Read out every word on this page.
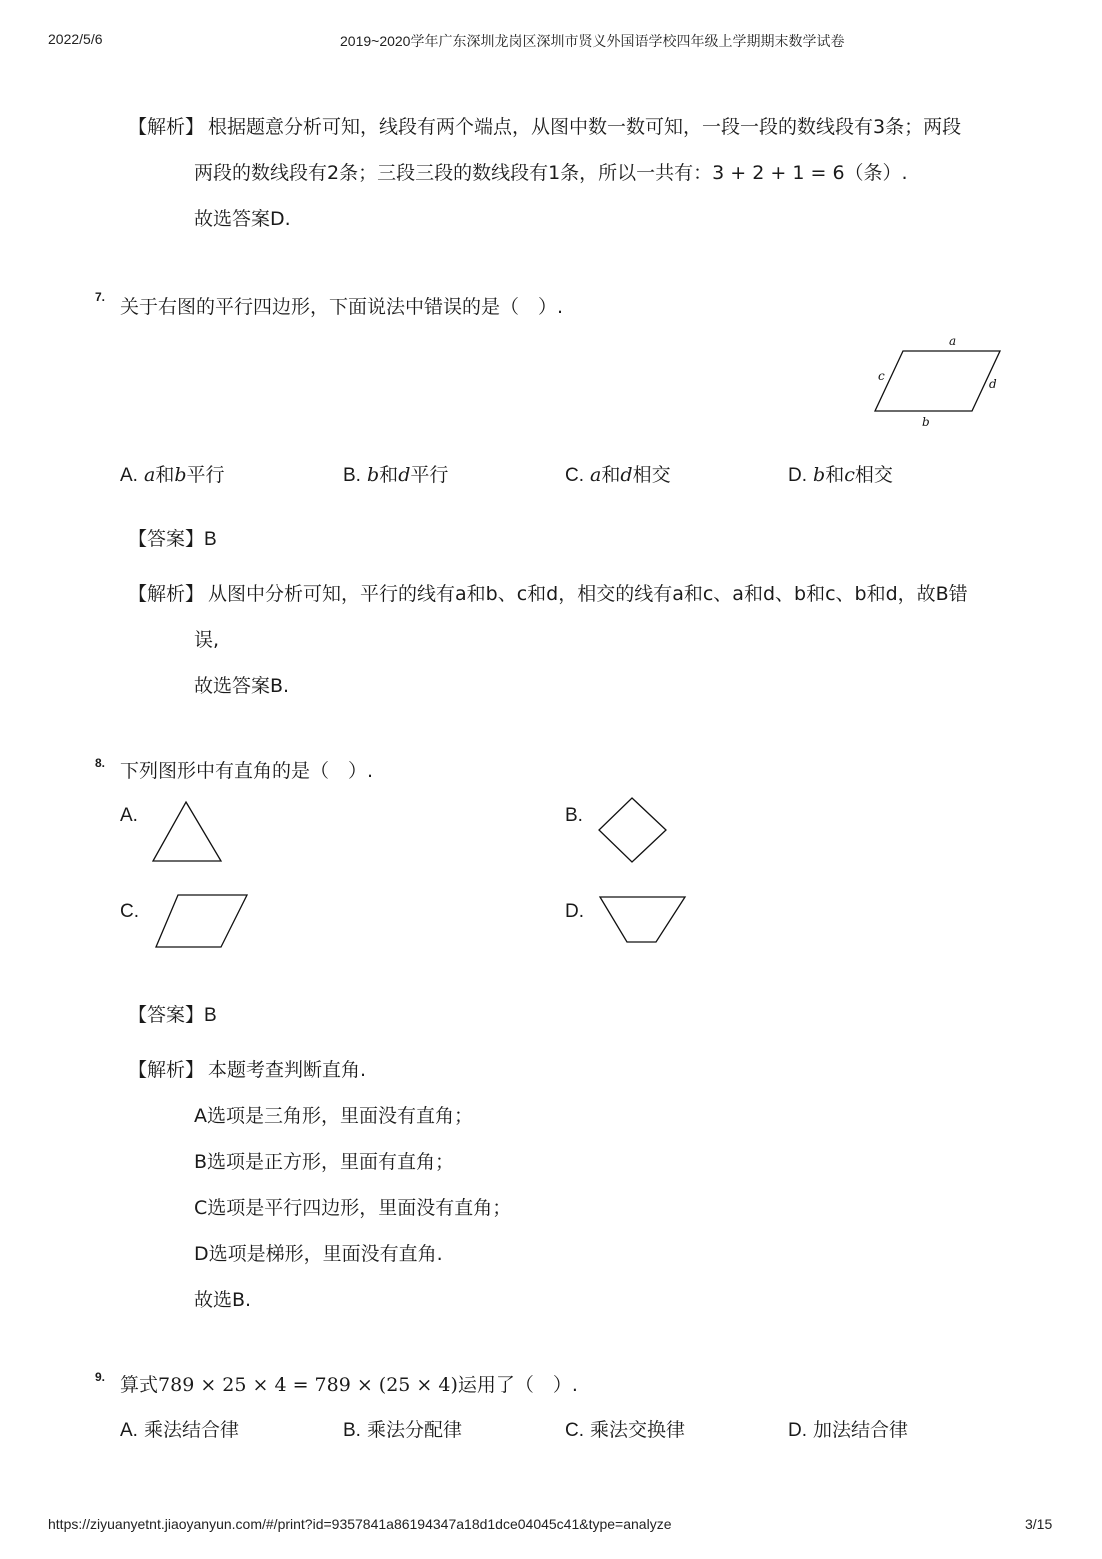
2022/5/6	2019~2020学年广东深圳龙岗区深圳市贤义外国语学校四年级上学期期末数学试卷
【解析】 根据题意分析可知，线段有两个端点，从图中数一数可知，一段一段的数线段有3条；两段
两段的数线段有2条；三段三段的数线段有1条，所以一共有：3 + 2 + 1 = 6（条）.
故选答案D.
7. 关于右图的平行四边形，下面说法中错误的是（　）.
a
b
c
d
A. a和b平行	B. b和d平行	C. a和d相交	D. b和c相交
【答案】B
【解析】 从图中分析可知，平行的线有a和b、c和d，相交的线有a和c、a和d、b和c、b和d，故B错
误,
故选答案B.
8. 下列图形中有直角的是（　）.
A.	B.
C.	D.
【答案】B
【解析】 本题考查判断直角.
A选项是三角形，里面没有直角；
B选项是正方形，里面有直角；
C选项是平行四边形，里面没有直角；
D选项是梯形，里面没有直角.
故选B.
9. 算式789 × 25 × 4 = 789 × (25 × 4)运用了（　）.
A. 乘法结合律	B. 乘法分配律	C. 乘法交换律	D. 加法结合律
https://ziyuanyetnt.jiaoyanyun.com/#/print?id=9357841a86194347a18d1dce04045c41&type=analyze	3/15
